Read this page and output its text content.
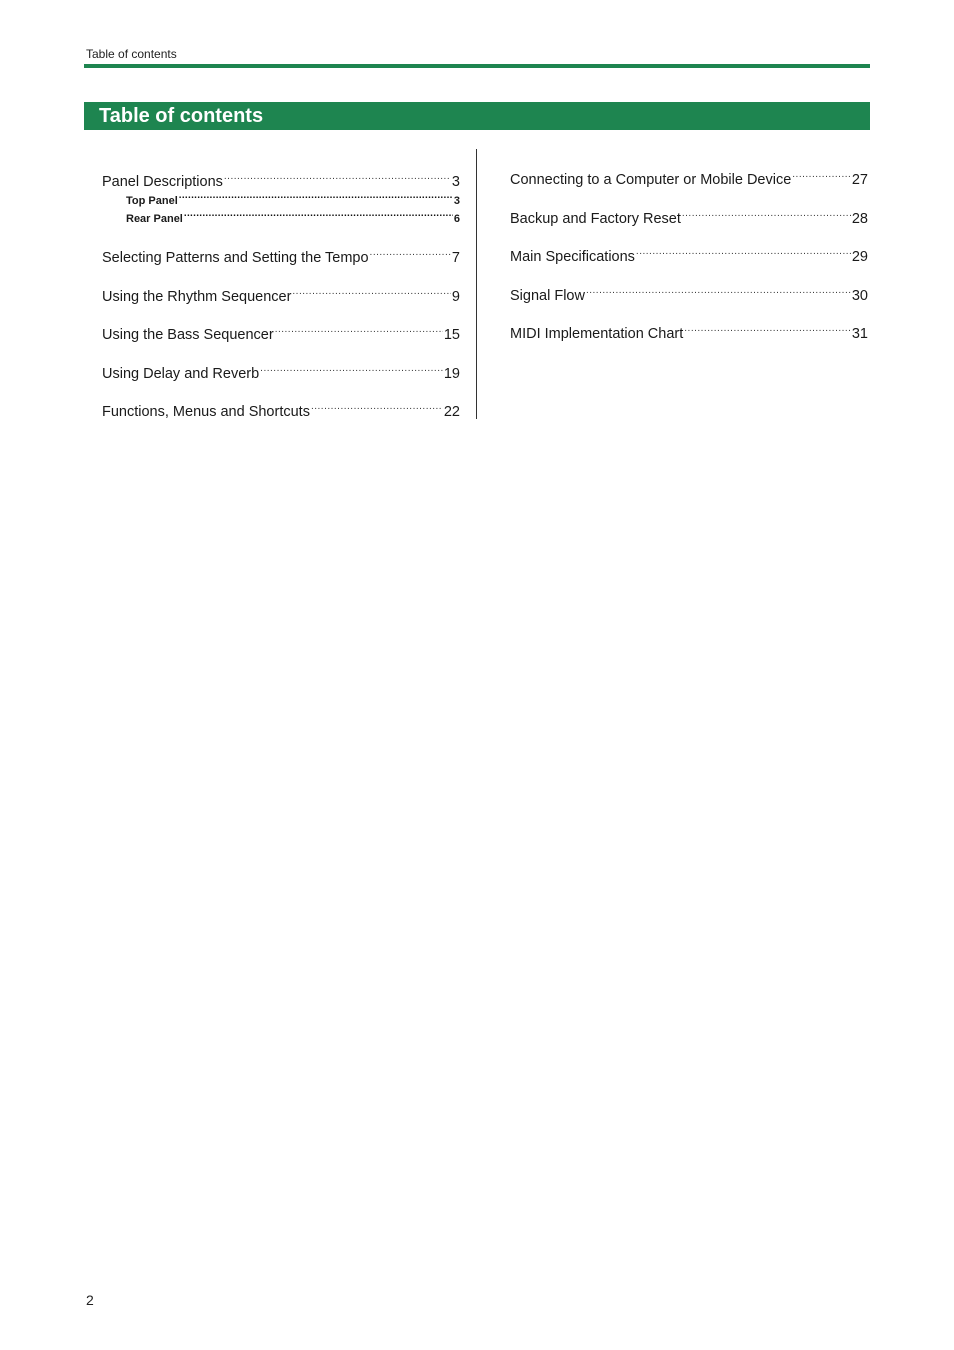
Table of contents
Table of contents
Panel Descriptions .....	3
Top Panel .....	3
Rear Panel .....	6
Selecting Patterns and Setting the Tempo .....	7
Using the Rhythm Sequencer .....	9
Using the Bass Sequencer .....	15
Using Delay and Reverb .....	19
Functions, Menus and Shortcuts .....	22
Connecting to a Computer or Mobile Device .....	27
Backup and Factory Reset .....	28
Main Specifications .....	29
Signal Flow .....	30
MIDI Implementation Chart .....	31
2
